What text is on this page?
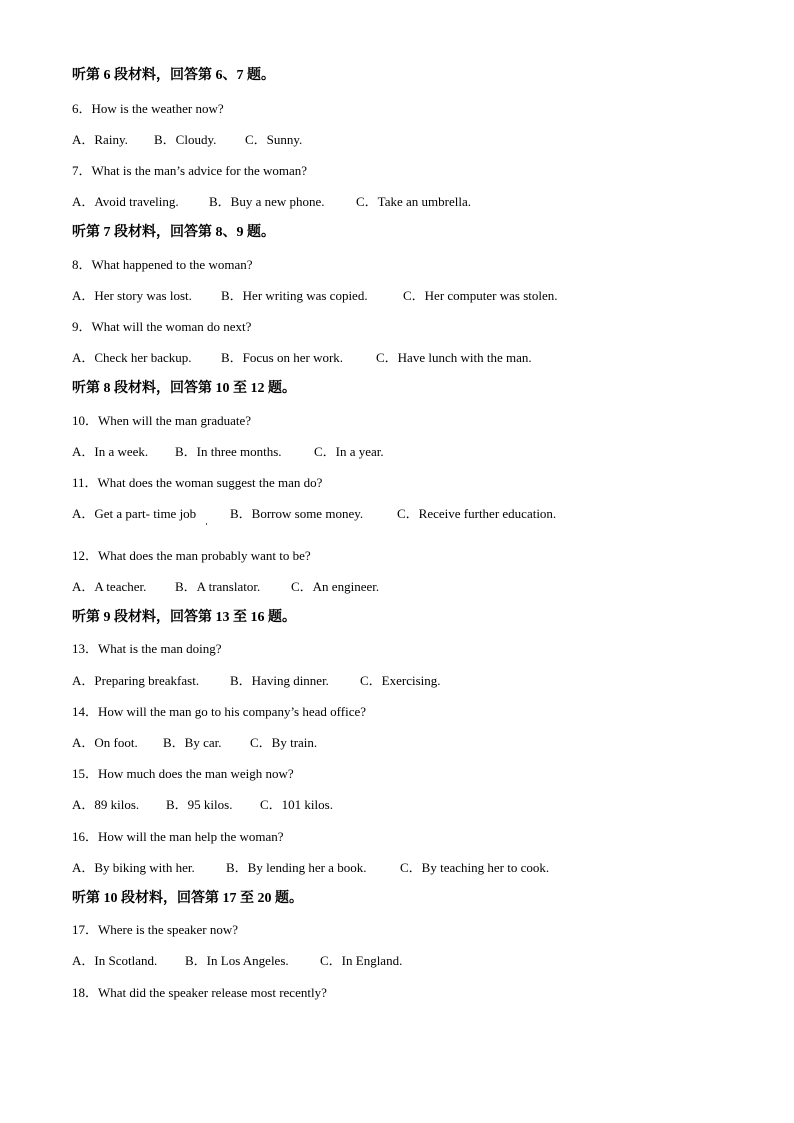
听第 6 段材料，回答第 6、7 题。
6．How is the weather now?
A．Rainy. B．Cloudy. C．Sunny.
7．What is the man’s advice for the woman?
A．Avoid traveling. B．Buy a new phone. C．Take an umbrella.
听第 7 段材料，回答第 8、9 题。
8．What happened to the woman?
A．Her story was lost. B．Her writing was copied.	C．Her computer was stolen.
9．What will the woman do next?
A．Check her backup. B．Focus on her work.	C．Have lunch with the man.
听第 8 段材料，回答第 10 至 12 题。
10．When will the man graduate?
A．In a week. B．In three months. C．In a year.
11．What does the woman suggest the man do?
A．Get a part- time job	B．Borrow some money.	C．Receive further education.
12．What does the man probably want to be?
A．A teacher. B．A translator. C．An engineer.
听第 9 段材料，回答第 13 至 16 题。
13．What is the man doing?
A．Preparing breakfast. B．Having dinner. C．Exercising.
14．How will the man go to his company’s head office?
A．On foot. B．By car. C．By train.
15．How much does the man weigh now?
A．89 kilos. B．95 kilos. C．101 kilos.
16．How will the man help the woman?
A．By biking with her. B．By lending her a book.	C．By teaching her to cook.
听第 10 段材料，回答第 17 至 20 题。
17．Where is the speaker now?
A．In Scotland. B．In Los Angeles. C．In England.
18．What did the speaker release most recently?
